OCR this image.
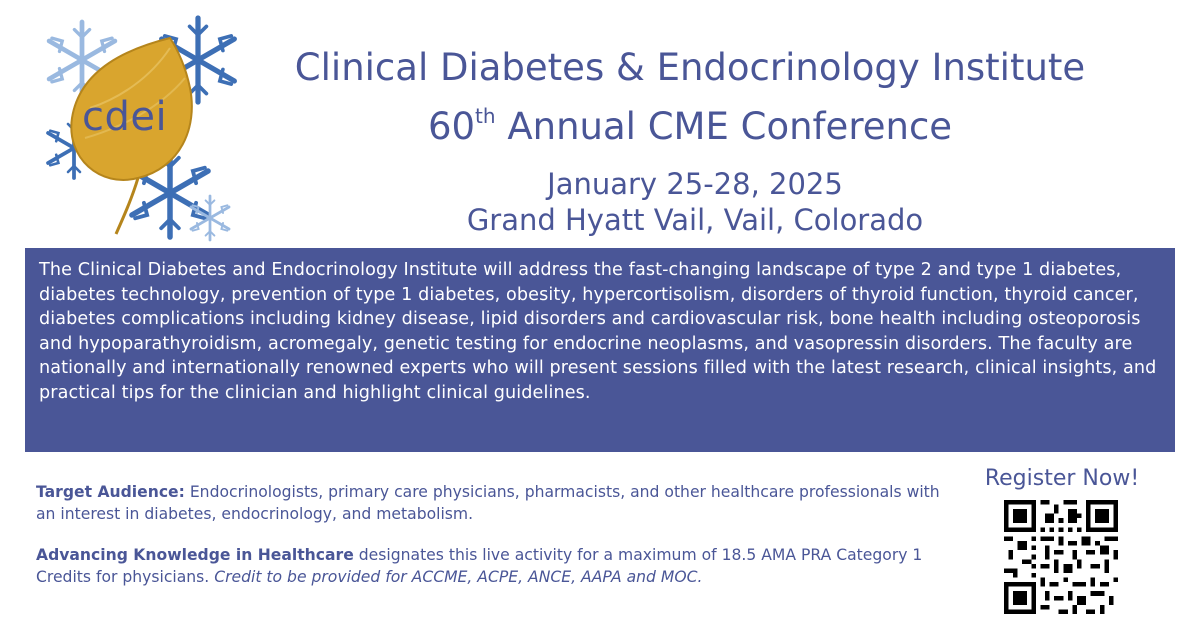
cdei
Clinical Diabetes & Endocrinology Institute
60th Annual CME Conference
January 25-28, 2025
Grand Hyatt Vail, Vail, Colorado
The Clinical Diabetes and Endocrinology Institute will address the fast-changing landscape of type 2 and type 1 diabetes, diabetes technology, prevention of type 1 diabetes, obesity, hypercortisolism, disorders of thyroid function, thyroid cancer, diabetes complications including kidney disease, lipid disorders and cardiovascular risk, bone health including osteoporosis and hypoparathyroidism, acromegaly, genetic testing for endocrine neoplasms, and vasopressin disorders. The faculty are nationally and internationally renowned experts who will present sessions filled with the latest research, clinical insights, and practical tips for the clinician and highlight clinical guidelines.

Target Audience: Endocrinologists, primary care physicians, pharmacists, and other healthcare professionals with an interest in diabetes, endocrinology, and metabolism.

Advancing Knowledge in Healthcare designates this live activity for a maximum of 18.5 AMA PRA Category 1 Credits for physicians. Credit to be provided for ACCME, ACPE, ANCE, AAPA and MOC.

Register Now!
